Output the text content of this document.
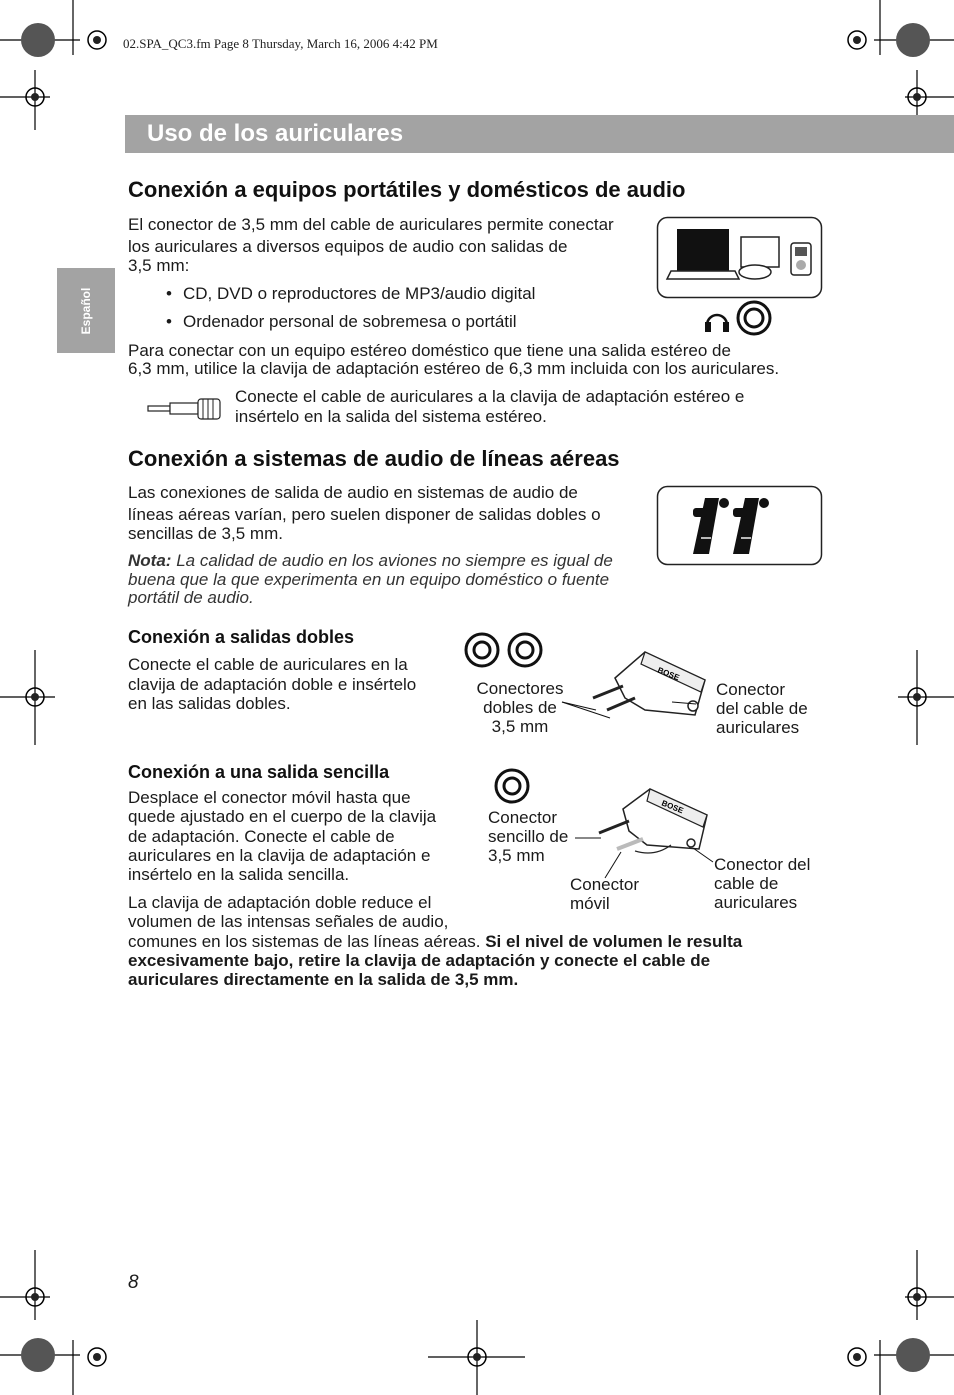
02.SPA_QC3.fm Page 8 Thursday, March 16, 2006 4:42 PM
Uso de los auriculares
Español
Conexión a equipos portátiles y domésticos de audio
El conector de 3,5 mm del cable de auriculares permite conectar
los auriculares a diversos equipos de audio con salidas de
3,5 mm:
• CD, DVD o reproductores de MP3/audio digital
• Ordenador personal de sobremesa o portátil
Para conectar con un equipo estéreo doméstico que tiene una salida estéreo de
6,3 mm, utilice la clavija de adaptación estéreo de 6,3 mm incluida con los auriculares.
Conecte el cable de auriculares a la clavija de adaptación estéreo e
insértelo en la salida del sistema estéreo.
Conexión a sistemas de audio de líneas aéreas
Las conexiones de salida de audio en sistemas de audio de
líneas aéreas varían, pero suelen disponer de salidas dobles o
sencillas de 3,5 mm.
Nota: La calidad de audio en los aviones no siempre es igual de
buena que la que experimenta en un equipo doméstico o fuente
portátil de audio.
Conexión a salidas dobles
Conecte el cable de auriculares en la
clavija de adaptación doble e insértelo
en las salidas dobles.
BOSE
Conectores
dobles de
3,5 mm
Conector
del cable de
auriculares
Conexión a una salida sencilla
Desplace el conector móvil hasta que
quede ajustado en el cuerpo de la clavija
de adaptación. Conecte el cable de
auriculares en la clavija de adaptación e
insértelo en la salida sencilla.
La clavija de adaptación doble reduce el
volumen de las intensas señales de audio,
comunes en los sistemas de las líneas aéreas. Si el nivel de volumen le resulta
excesivamente bajo, retire la clavija de adaptación y conecte el cable de
auriculares directamente en la salida de 3,5 mm.
BOSE
Conector
sencillo de
3,5 mm
Conector
móvil
Conector del
cable de
auriculares
8
